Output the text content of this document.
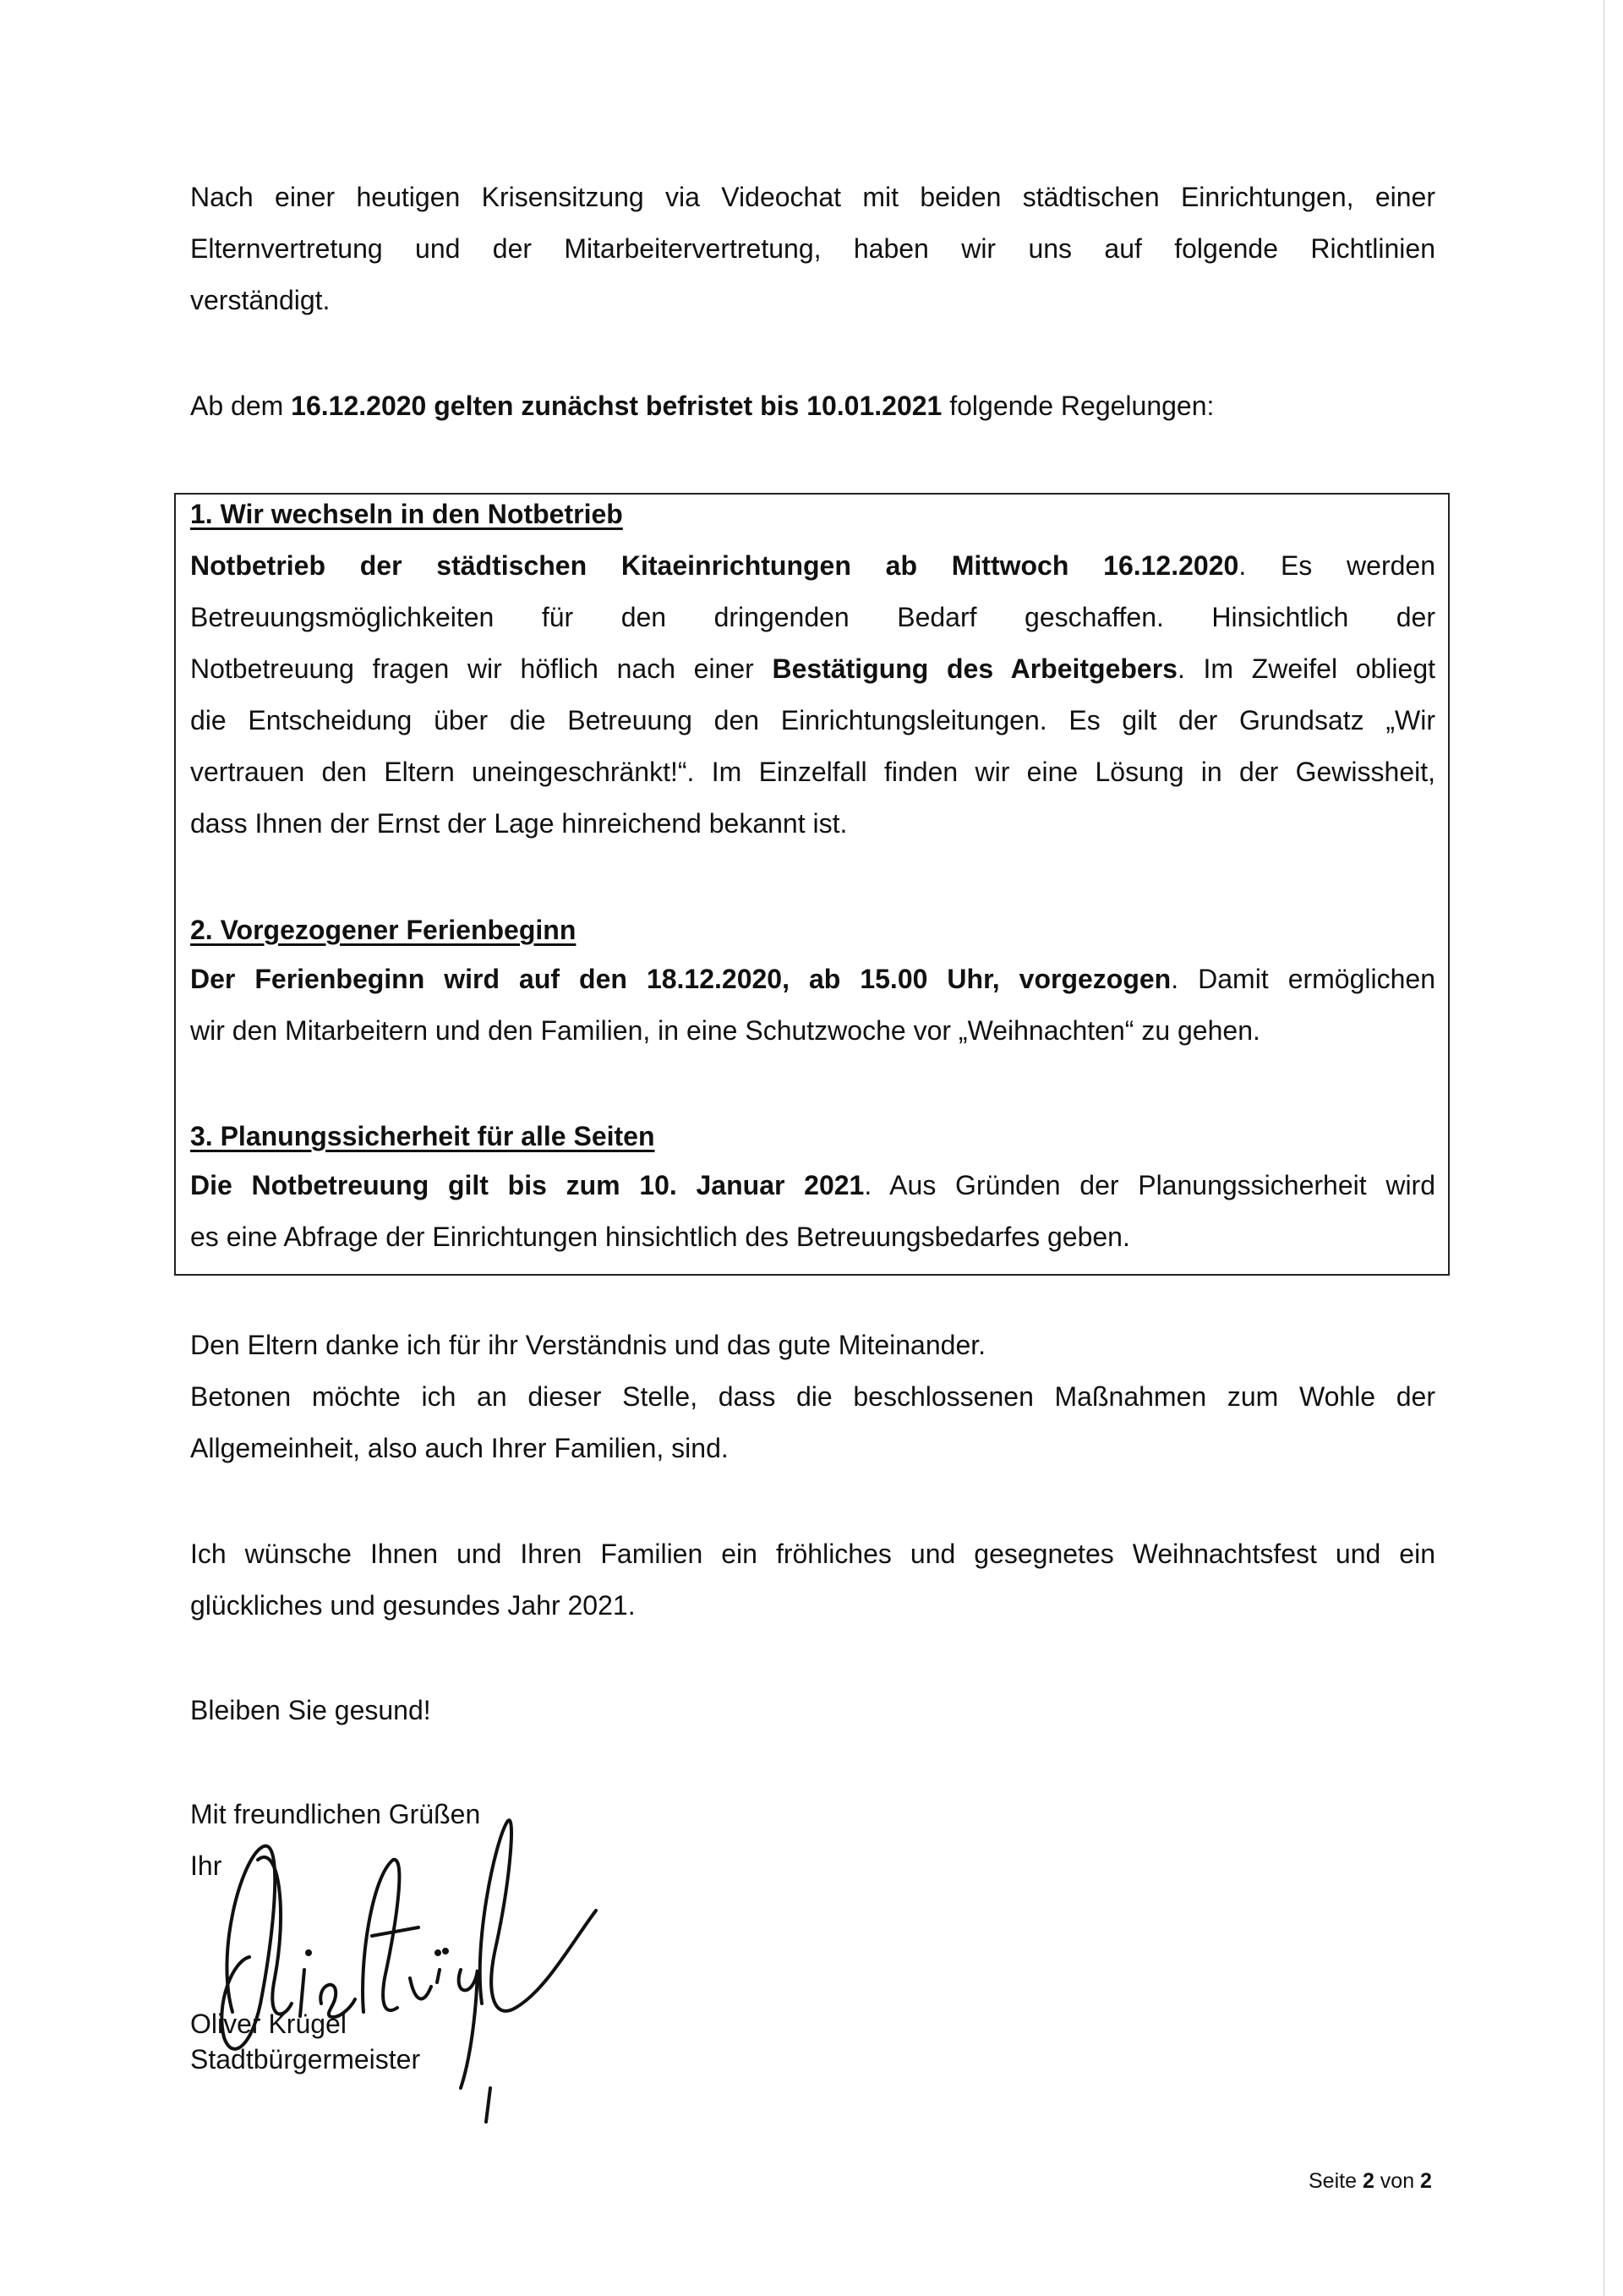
Nach einer heutigen Krisensitzung via Videochat mit beiden städtischen Einrichtungen, einer
Elternvertretung und der Mitarbeitervertretung, haben wir uns auf folgende Richtlinien
verständigt.
Ab dem 16.12.2020 gelten zunächst befristet bis 10.01.2021 folgende Regelungen:
1. Wir wechseln in den Notbetrieb
Notbetrieb der städtischen Kitaeinrichtungen ab Mittwoch 16.12.2020. Es werden
Betreuungsmöglichkeiten für den dringenden Bedarf geschaffen. Hinsichtlich der
Notbetreuung fragen wir höflich nach einer Bestätigung des Arbeitgebers. Im Zweifel obliegt
die Entscheidung über die Betreuung den Einrichtungsleitungen. Es gilt der Grundsatz „Wir
vertrauen den Eltern uneingeschränkt!“. Im Einzelfall finden wir eine Lösung in der Gewissheit,
dass Ihnen der Ernst der Lage hinreichend bekannt ist.
2. Vorgezogener Ferienbeginn
Der Ferienbeginn wird auf den 18.12.2020, ab 15.00 Uhr, vorgezogen. Damit ermöglichen
wir den Mitarbeitern und den Familien, in eine Schutzwoche vor „Weihnachten“ zu gehen.
3. Planungssicherheit für alle Seiten
Die Notbetreuung gilt bis zum 10. Januar 2021. Aus Gründen der Planungssicherheit wird
es eine Abfrage der Einrichtungen hinsichtlich des Betreuungsbedarfes geben.
Den Eltern danke ich für ihr Verständnis und das gute Miteinander.
Betonen möchte ich an dieser Stelle, dass die beschlossenen Maßnahmen zum Wohle der
Allgemeinheit, also auch Ihrer Familien, sind.
Ich wünsche Ihnen und Ihren Familien ein fröhliches und gesegnetes Weihnachtsfest und ein
glückliches und gesundes Jahr 2021.
Bleiben Sie gesund!
Mit freundlichen Grüßen
Ihr
Oliver Krügel
Stadtbürgermeister
Seite 2 von 2
